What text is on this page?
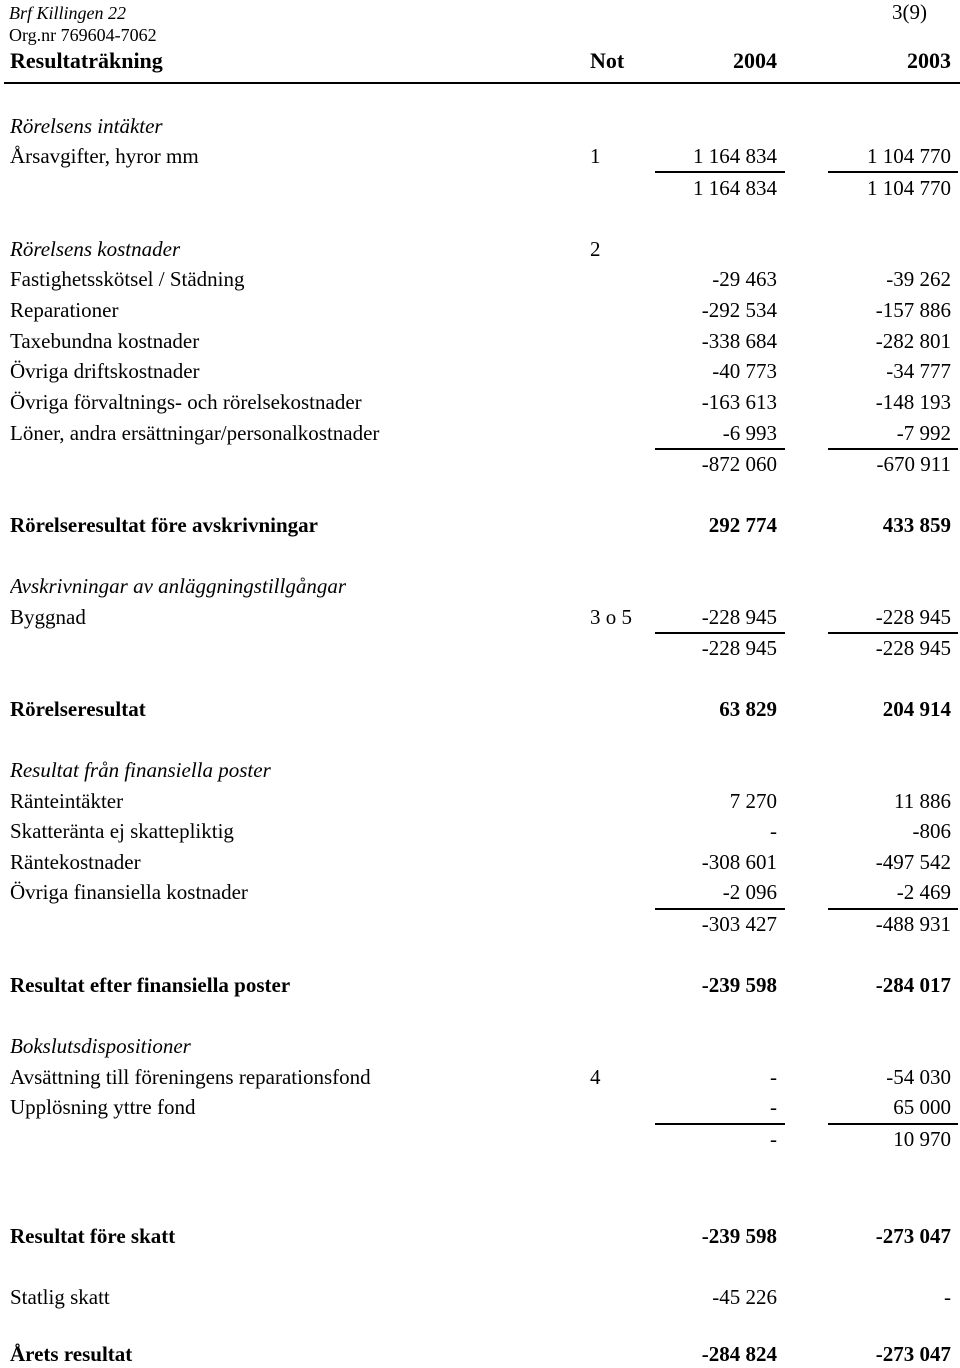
Brf Killingen 22
Org.nr 769604-7062
3(9)
Resultaträkning	Not	2004	2003
Rörelsens intäkter
Årsavgifter, hyror mm	1	1 164 834	1 104 770
1 164 834	1 104 770
Rörelsens kostnader	2
Fastighetsskötsel / Städning	-29 463	-39 262
Reparationer	-292 534	-157 886
Taxebundna kostnader	-338 684	-282 801
Övriga driftskostnader	-40 773	-34 777
Övriga förvaltnings- och rörelsekostnader	-163 613	-148 193
Löner, andra ersättningar/personalkostnader	-6 993	-7 992
-872 060	-670 911
Rörelseresultat före avskrivningar	292 774	433 859
Avskrivningar av anläggningstillgångar
Byggnad	3 o 5	-228 945	-228 945
-228 945	-228 945
Rörelseresultat	63 829	204 914
Resultat från finansiella poster
Ränteintäkter	7 270	11 886
Skatteränta ej skattepliktig	-	-806
Räntekostnader	-308 601	-497 542
Övriga finansiella kostnader	-2 096	-2 469
-303 427	-488 931
Resultat efter finansiella poster	-239 598	-284 017
Bokslutsdispositioner
Avsättning till föreningens reparationsfond	4	-	-54 030
Upplösning yttre fond	-	65 000
-	10 970
Resultat före skatt	-239 598	-273 047
Statlig skatt	-45 226	-
Årets resultat	-284 824	-273 047
